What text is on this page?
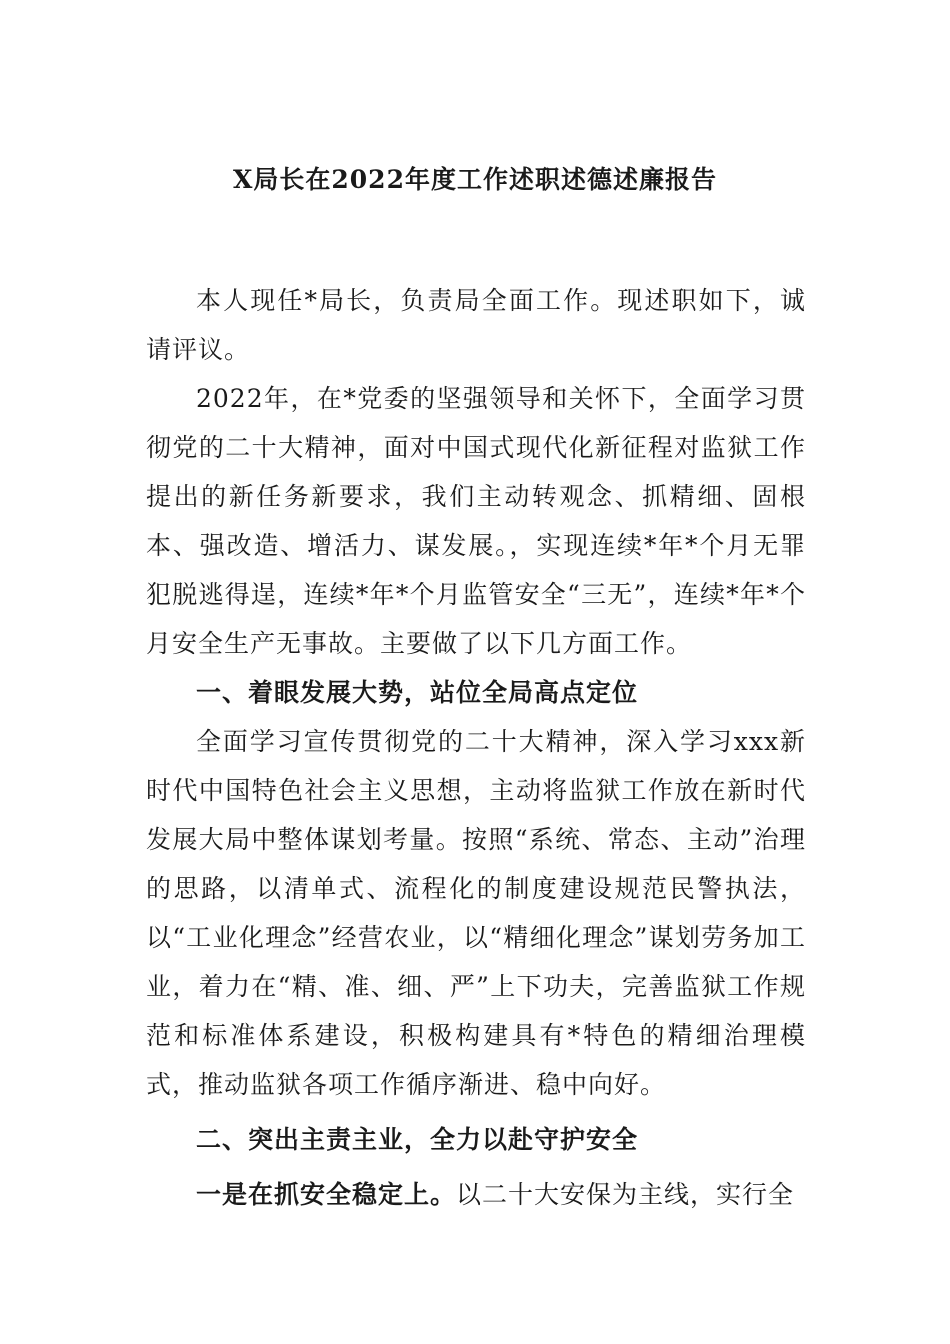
X局长在2022年度工作述职述德述廉报告

本人现任*局长，负责局全面工作。现述职如下，诚请评议。

2022年，在*党委的坚强领导和关怀下，全面学习贯彻党的二十大精神，面对中国式现代化新征程对监狱工作提出的新任务新要求，我们主动转观念、抓精细、固根本、强改造、增活力、谋发展。，实现连续*年*个月无罪犯脱逃得逞，连续*年*个月监管安全“三无”，连续*年*个月安全生产无事故。主要做了以下几方面工作。

一、着眼发展大势，站位全局高点定位

全面学习宣传贯彻党的二十大精神，深入学习xxx新时代中国特色社会主义思想，主动将监狱工作放在新时代发展大局中整体谋划考量。按照“系统、常态、主动”治理的思路，以清单式、流程化的制度建设规范民警执法，以“工业化理念”经营农业，以“精细化理念”谋划劳务加工业，着力在“精、准、细、严”上下功夫，完善监狱工作规范和标准体系建设，积极构建具有*特色的精细治理模式，推动监狱各项工作循序渐进、稳中向好。

二、突出主责主业，全力以赴守护安全

一是在抓安全稳定上。以二十大安保为主线，实行全
